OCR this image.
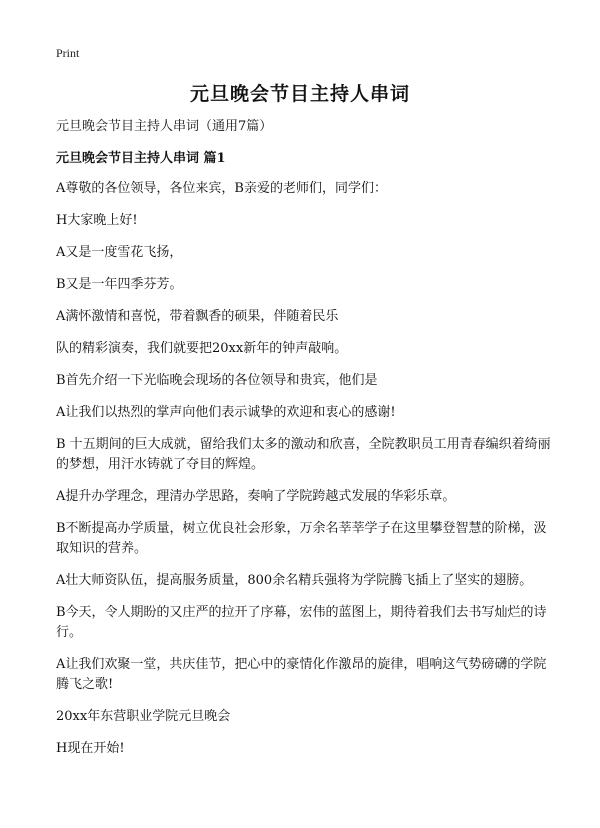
Print
元旦晚会节目主持人串词
元旦晚会节目主持人串词（通用7篇）
元旦晚会节目主持人串词 篇1

A尊敬的各位领导，各位来宾，B亲爱的老师们，同学们：

H大家晚上好!

A又是一度雪花飞扬，

B又是一年四季芬芳。

A满怀激情和喜悦，带着飘香的硕果，伴随着民乐

队的精彩演奏，我们就要把20xx新年的钟声敲响。

B首先介绍一下光临晚会现场的各位领导和贵宾，他们是

A让我们以热烈的掌声向他们表示诚挚的欢迎和衷心的感谢!

B 十五期间的巨大成就，留给我们太多的激动和欣喜，全院教职员工用青春编织着绮丽的梦想，用汗水铸就了夺目的辉煌。

A提升办学理念，理清办学思路，奏响了学院跨越式发展的华彩乐章。

B不断提高办学质量，树立优良社会形象，万余名莘莘学子在这里攀登智慧的阶梯，汲取知识的营养。

A壮大师资队伍，提高服务质量，800余名精兵强将为学院腾飞插上了坚实的翅膀。

B今天，令人期盼的又庄严的拉开了序幕，宏伟的蓝图上，期待着我们去书写灿烂的诗行。

A让我们欢聚一堂，共庆佳节，把心中的豪情化作激昂的旋律，唱响这气势磅礴的学院腾飞之歌!

20xx年东营职业学院元旦晚会

H现在开始!
